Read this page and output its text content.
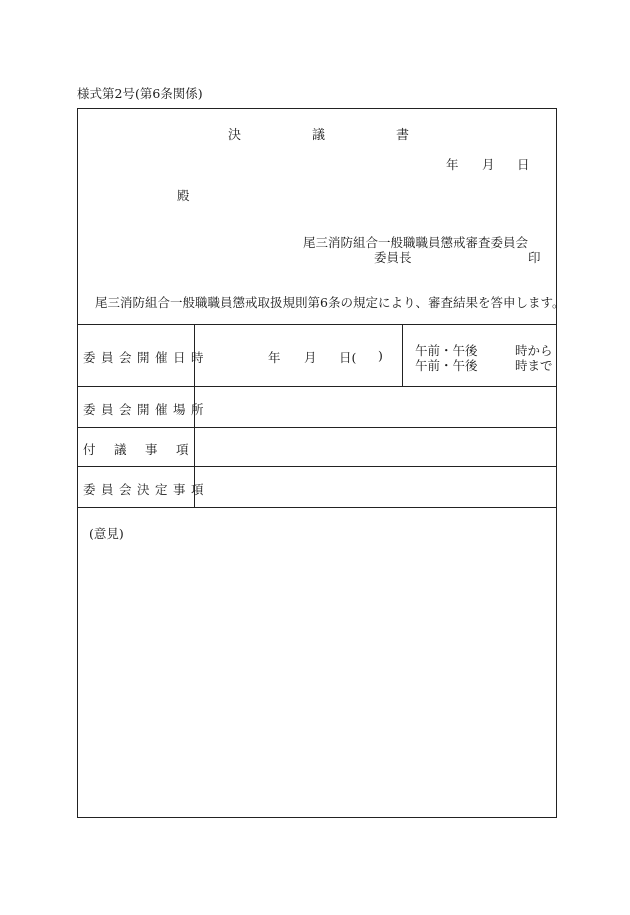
様式第2号(第6条関係)
決	議	書
年 月 日
殿
尾三消防組合一般職職員懲戒審査委員会
委員長	印
尾三消防組合一般職職員懲戒取扱規則第6条の規定により、審査結果を答申します。
委員会開催日時	年 月 日( )	午前・午後　　　時から
午前・午後　　　時まで
委員会開催場所
付　議　事　項
委員会決定事項
(意見)
